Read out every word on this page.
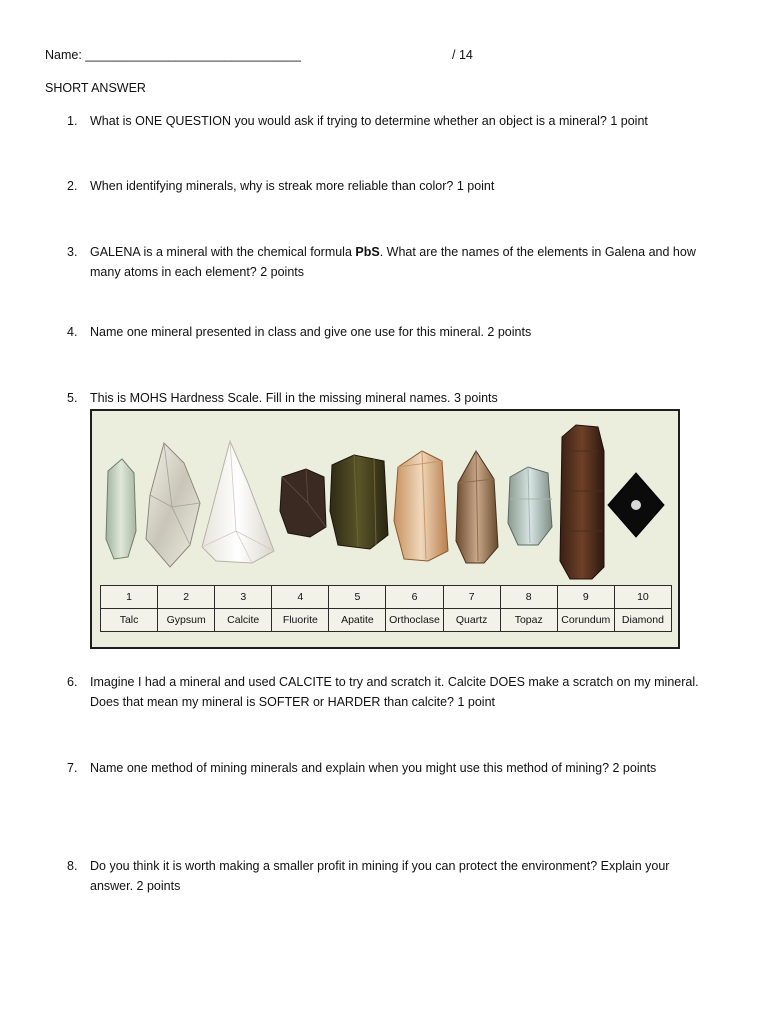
Name: _______________________________	/ 14
SHORT ANSWER
1. What is ONE QUESTION you would ask if trying to determine whether an object is a mineral? 1 point
2. When identifying minerals, why is streak more reliable than color? 1 point
3. GALENA is a mineral with the chemical formula PbS. What are the names of the elements in Galena and how
many atoms in each element? 2 points
4. Name one mineral presented in class and give one use for this mineral. 2 points
5. This is MOHS Hardness Scale. Fill in the missing mineral names. 3 points
1	2	3	4	5	6	7	8	9	10
Talc	Gypsum	Calcite	Fluorite	Apatite	Orthoclase	Quartz	Topaz	Corundum	Diamond
6. Imagine I had a mineral and used CALCITE to try and scratch it. Calcite DOES make a scratch on my mineral.
Does that mean my mineral is SOFTER or HARDER than calcite? 1 point
7. Name one method of mining minerals and explain when you might use this method of mining? 2 points
8. Do you think it is worth making a smaller profit in mining if you can protect the environment? Explain your
answer. 2 points
